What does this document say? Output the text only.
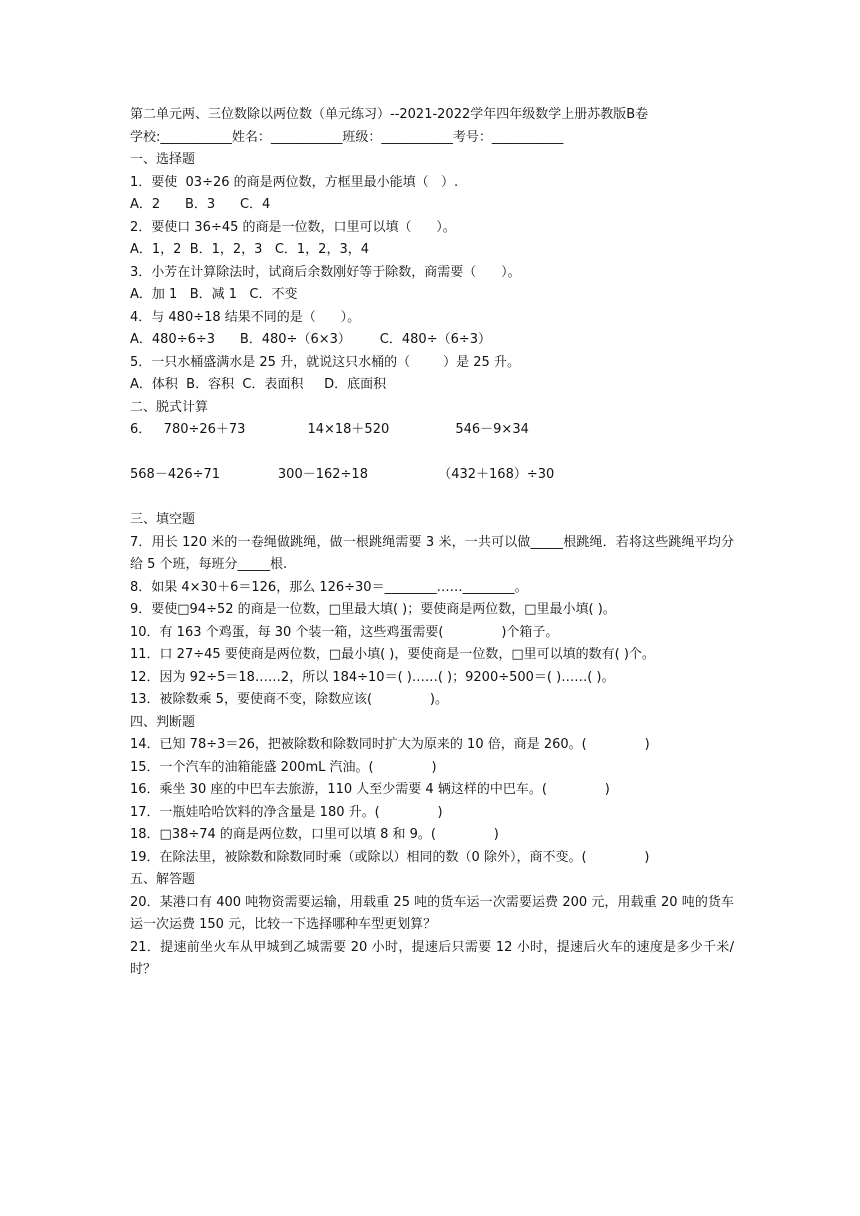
第二单元两、三位数除以两位数（单元练习）--2021-2022学年四年级数学上册苏教版B卷
学校:___________姓名：___________班级：___________考号：___________
一、选择题
1．要使  03÷26 的商是两位数，方框里最小能填（   ）.
A．2      B．3      C．4
2．要使口 36÷45 的商是一位数，口里可以填（      ）。
A．1，2  B．1，2，3   C．1，2，3，4
3．小芳在计算除法时，试商后余数刚好等于除数，商需要（      ）。
A．加 1   B．减 1   C．不变
4．与 480÷18 结果不同的是（      ）。
A．480÷6÷3      B．480÷（6×3）       C．480÷（6÷3）
5．一只水桶盛满水是 25 升，就说这只水桶的（        ）是 25 升。
A．体积  B．容积  C．表面积     D．底面积
二、脱式计算
6．   780÷26＋73               14×18＋520                546－9×34
568－426÷71              300－162÷18                 （432＋168）÷30
三、填空题
7．用长 120 米的一卷绳做跳绳，做一根跳绳需要 3 米，一共可以做_____根跳绳．若将这些跳绳平均分给 5 个班，每班分_____根.
8．如果 4×30＋6＝126，那么 126÷30＝________……________。
9．要使□94÷52 的商是一位数，□里最大填( )；要使商是两位数，□里最小填( )。
10．有 163 个鸡蛋，每 30 个装一箱，这些鸡蛋需要(              )个箱子。
11．口 27÷45 要使商是两位数，□最小填( )，要使商是一位数，□里可以填的数有( )个。
12．因为 92÷5＝18……2，所以 184÷10＝( )……( )；9200÷500＝( )……( )。
13．被除数乘 5，要使商不变，除数应该(              )。
四、判断题
14．已知 78÷3＝26，把被除数和除数同时扩大为原来的 10 倍，商是 260。(              )
15．一个汽车的油箱能盛 200mL 汽油。(              )
16．乘坐 30 座的中巴车去旅游，110 人至少需要 4 辆这样的中巴车。(              )
17．一瓶娃哈哈饮料的净含量是 180 升。(              )
18．□38÷74 的商是两位数，口里可以填 8 和 9。(              )
19．在除法里，被除数和除数同时乘（或除以）相同的数（0 除外），商不变。(              )
五、解答题
20．某港口有 400 吨物资需要运输，用载重 25 吨的货车运一次需要运费 200 元，用载重 20 吨的货车运一次运费 150 元，比较一下选择哪种车型更划算？
21．提速前坐火车从甲城到乙城需要 20 小时，提速后只需要 12 小时，提速后火车的速度是多少千米/时？
